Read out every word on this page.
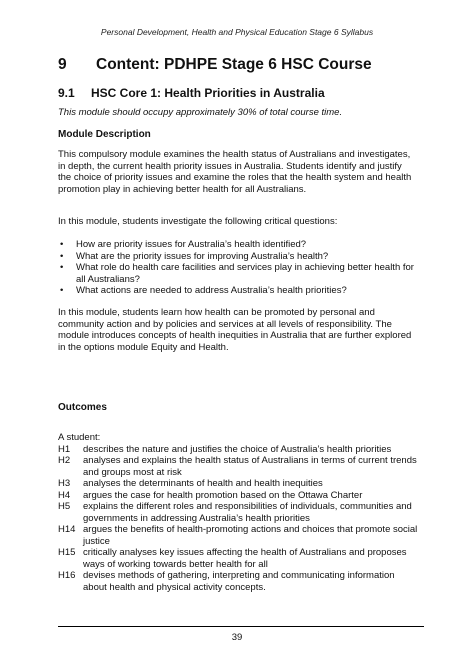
Personal Development, Health and Physical Education Stage 6 Syllabus
9 Content: PDHPE Stage 6 HSC Course
9.1 HSC Core 1: Health Priorities in Australia
This module should occupy approximately 30% of total course time.
Module Description
This compulsory module examines the health status of Australians and investigates,
in depth, the current health priority issues in Australia. Students identify and justify
the choice of priority issues and examine the roles that the health system and health
promotion play in achieving better health for all Australians.
In this module, students investigate the following critical questions:
• How are priority issues for Australia’s health identified?
• What are the priority issues for improving Australia’s health?
• What role do health care facilities and services play in achieving better health for
all Australians?
• What actions are needed to address Australia’s health priorities?
In this module, students learn how health can be promoted by personal and
community action and by policies and services at all levels of responsibility. The
module introduces concepts of health inequities in Australia that are further explored
in the options module Equity and Health.
Outcomes
A student:
H1	describes the nature and justifies the choice of Australia’s health priorities
H2	analyses and explains the health status of Australians in terms of current trends
and groups most at risk
H3	analyses the determinants of health and health inequities
H4	argues the case for health promotion based on the Ottawa Charter
H5	explains the different roles and responsibilities of individuals, communities and
governments in addressing Australia’s health priorities
H14 argues the benefits of health-promoting actions and choices that promote social
justice
H15 critically analyses key issues affecting the health of Australians and proposes
ways of working towards better health for all
H16 devises methods of gathering, interpreting and communicating information
about health and physical activity concepts.
39
